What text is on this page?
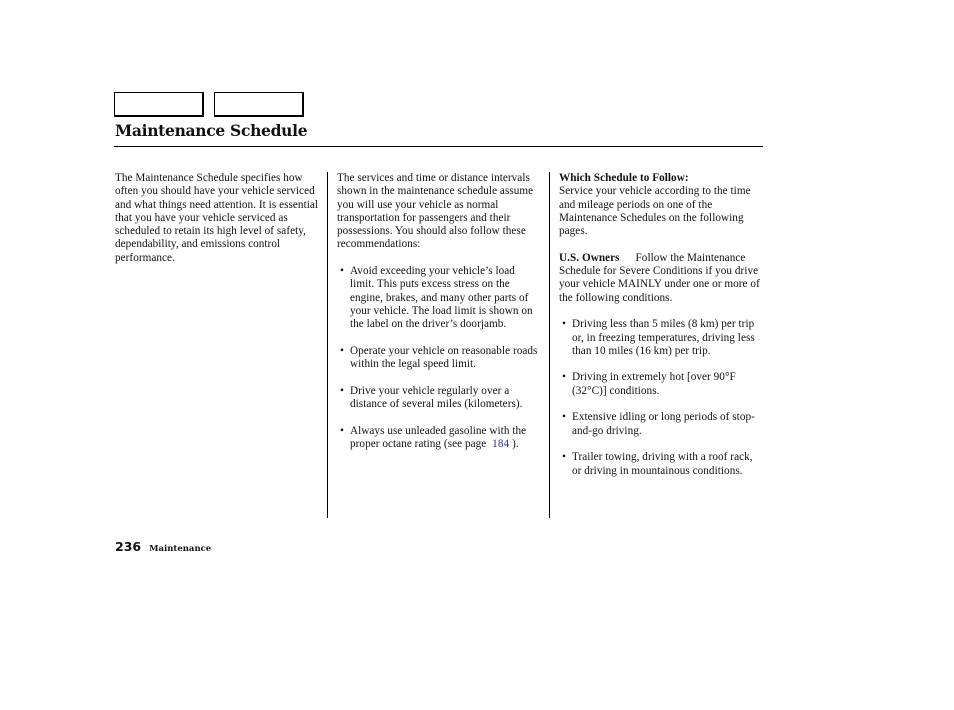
Maintenance Schedule

The Maintenance Schedule specifies how often you should have your vehicle serviced and what things need attention. It is essential that you have your vehicle serviced as scheduled to retain its high level of safety, dependability, and emissions control performance.

The services and time or distance intervals shown in the maintenance schedule assume you will use your vehicle as normal transportation for passengers and their possessions. You should also follow these recommendations:

• Avoid exceeding your vehicle’s load limit. This puts excess stress on the engine, brakes, and many other parts of your vehicle. The load limit is shown on the label on the driver’s doorjamb.
• Operate your vehicle on reasonable roads within the legal speed limit.
• Drive your vehicle regularly over a distance of several miles (kilometers).
• Always use unleaded gasoline with the proper octane rating (see page 184 ).

Which Schedule to Follow:
Service your vehicle according to the time and mileage periods on one of the Maintenance Schedules on the following pages.

U.S. Owners Follow the Maintenance Schedule for Severe Conditions if you drive your vehicle MAINLY under one or more of the following conditions.

• Driving less than 5 miles (8 km) per trip or, in freezing temperatures, driving less than 10 miles (16 km) per trip.
• Driving in extremely hot [over 90°F (32°C)] conditions.
• Extensive idling or long periods of stop-and-go driving.
• Trailer towing, driving with a roof rack, or driving in mountainous conditions.
236 Maintenance
